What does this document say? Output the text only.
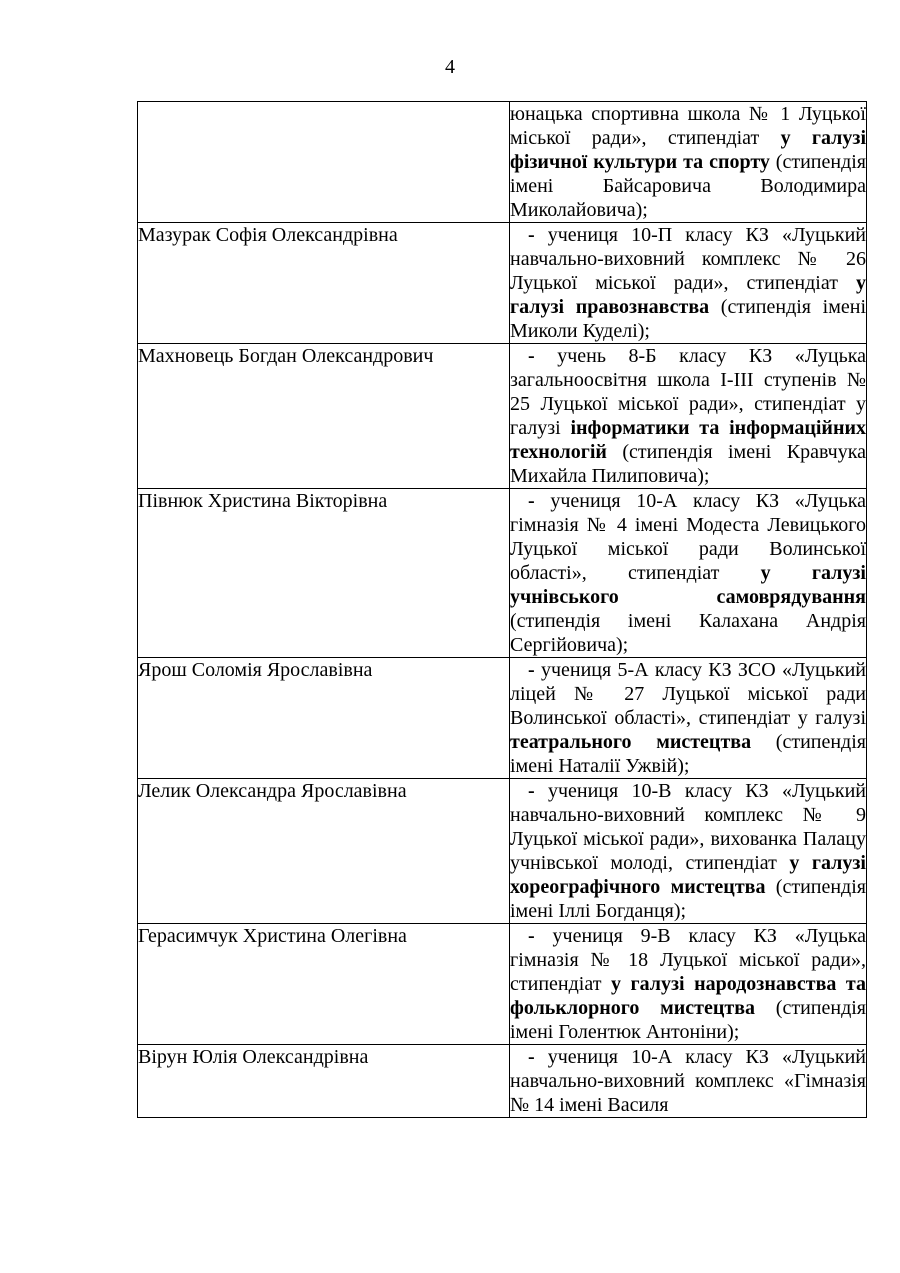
4
	юнацька спортивна школа № 1 Луцької міської ради», стипендіат у галузі фізичної культури та спорту (стипендія імені Байсаровича Володимира Миколайовича);
Мазурак Софія Олександрівна	- учениця 10-П класу КЗ «Луцький навчально-виховний комплекс № 26 Луцької міської ради», стипендіат у галузі правознавства (стипендія імені Миколи Куделі);
Махновець Богдан Олександрович	- учень 8-Б класу КЗ «Луцька загальноосвітня школа I-III ступенів № 25 Луцької міської ради», стипендіат у галузі інформатики та інформаційних технологій (стипендія імені Кравчука Михайла Пилиповича);
Півнюк Христина Вікторівна	- учениця 10-А класу КЗ «Луцька гімназія № 4 імені Модеста Левицького Луцької міської ради Волинської області», стипендіат у галузі учнівського самоврядування (стипендія імені Калахана Андрія Сергійовича);
Ярош Соломія Ярославівна	- учениця 5-А класу КЗ ЗСО «Луцький ліцей № 27 Луцької міської ради Волинської області», стипендіат у галузі театрального мистецтва (стипендія імені Наталії Ужвій);
Лелик Олександра Ярославівна	- учениця 10-В класу КЗ «Луцький навчально-виховний комплекс № 9 Луцької міської ради», вихованка Палацу учнівської молоді, стипендіат у галузі хореографічного мистецтва (стипендія імені Іллі Богданця);
Герасимчук Христина Олегівна	- учениця 9-В класу КЗ «Луцька гімназія № 18 Луцької міської ради», стипендіат у галузі народознавства та фольклорного мистецтва (стипендія імені Голентюк Антоніни);
Вірун Юлія Олександрівна	- учениця 10-А класу КЗ «Луцький навчально-виховний комплекс «Гімназія № 14 імені Василя
